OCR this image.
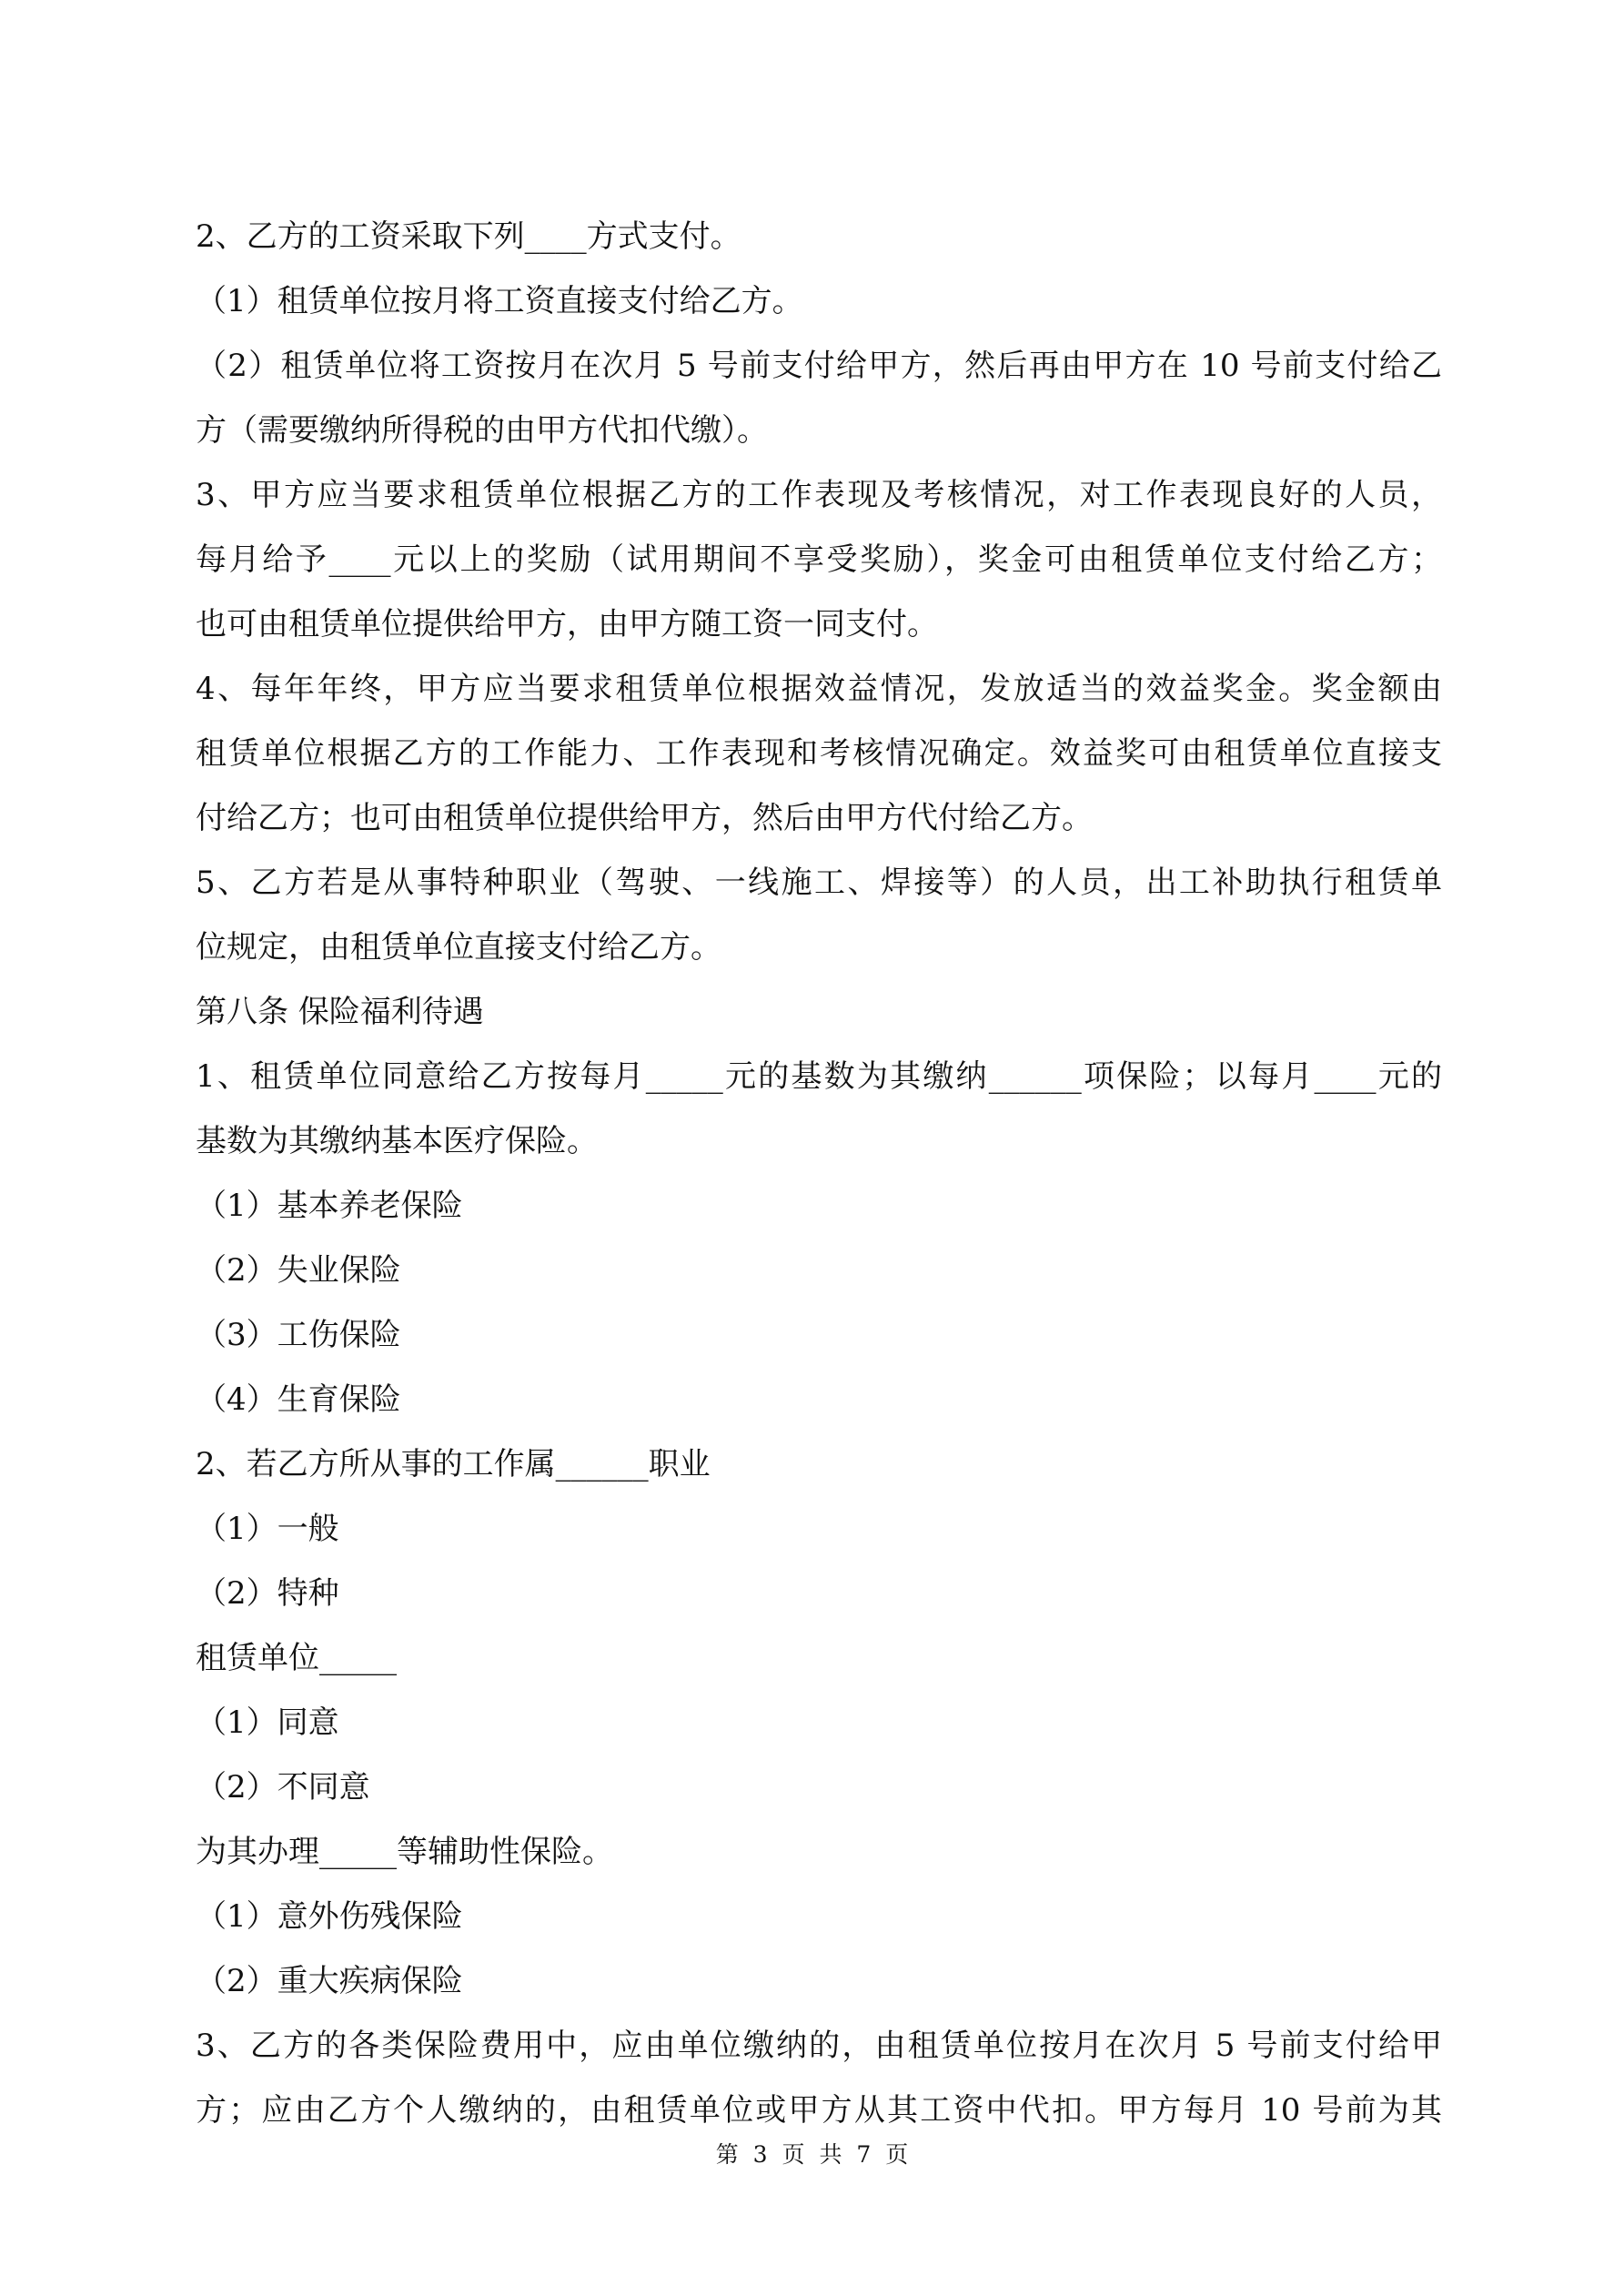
2、乙方的工资采取下列____方式支付。
（1）租赁单位按月将工资直接支付给乙方。
（2）租赁单位将工资按月在次月 5 号前支付给甲方，然后再由甲方在 10 号前支付给乙
方（需要缴纳所得税的由甲方代扣代缴）。
3、甲方应当要求租赁单位根据乙方的工作表现及考核情况，对工作表现良好的人员，
每月给予____元以上的奖励（试用期间不享受奖励），奖金可由租赁单位支付给乙方；
也可由租赁单位提供给甲方，由甲方随工资一同支付。
4、每年年终，甲方应当要求租赁单位根据效益情况，发放适当的效益奖金。奖金额由
租赁单位根据乙方的工作能力、工作表现和考核情况确定。效益奖可由租赁单位直接支
付给乙方；也可由租赁单位提供给甲方，然后由甲方代付给乙方。
5、乙方若是从事特种职业（驾驶、一线施工、焊接等）的人员，出工补助执行租赁单
位规定，由租赁单位直接支付给乙方。
第八条 保险福利待遇
1、租赁单位同意给乙方按每月_____元的基数为其缴纳______项保险；以每月____元的
基数为其缴纳基本医疗保险。
（1）基本养老保险
（2）失业保险
（3）工伤保险
（4）生育保险
2、若乙方所从事的工作属______职业
（1）一般
（2）特种
租赁单位_____
（1）同意
（2）不同意
为其办理_____等辅助性保险。
（1）意外伤残保险
（2）重大疾病保险
3、乙方的各类保险费用中，应由单位缴纳的，由租赁单位按月在次月 5 号前支付给甲
方；应由乙方个人缴纳的，由租赁单位或甲方从其工资中代扣。甲方每月 10 号前为其
第 3 页 共 7 页
